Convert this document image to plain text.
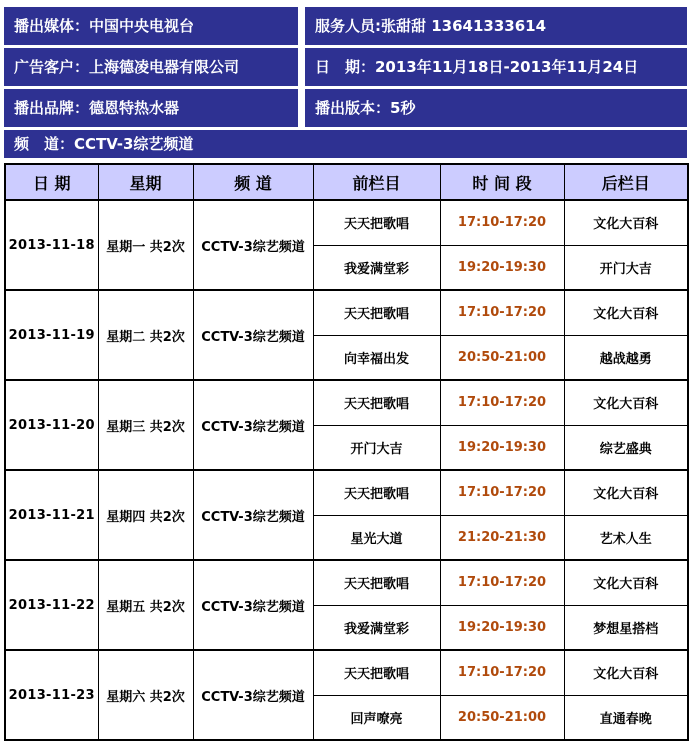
播出媒体：中国中央电视台	服务人员:张甜甜 13641333614
广告客户：上海德凌电器有限公司	日　期：2013年11月18日-2013年11月24日
播出品牌：德恩特热水器	播出版本：5秒
频　道：CCTV-3综艺频道
日 期	星期	频 道	前栏目	时 间 段	后栏目
2013-11-18	星期一 共2次	CCTV-3综艺频道	天天把歌唱	17:10-17:20	文化大百科
			我爱满堂彩	19:20-19:30	开门大吉
2013-11-19	星期二 共2次	CCTV-3综艺频道	天天把歌唱	17:10-17:20	文化大百科
			向幸福出发	20:50-21:00	越战越勇
2013-11-20	星期三 共2次	CCTV-3综艺频道	天天把歌唱	17:10-17:20	文化大百科
			开门大吉	19:20-19:30	综艺盛典
2013-11-21	星期四 共2次	CCTV-3综艺频道	天天把歌唱	17:10-17:20	文化大百科
			星光大道	21:20-21:30	艺术人生
2013-11-22	星期五 共2次	CCTV-3综艺频道	天天把歌唱	17:10-17:20	文化大百科
			我爱满堂彩	19:20-19:30	梦想星搭档
2013-11-23	星期六 共2次	CCTV-3综艺频道	天天把歌唱	17:10-17:20	文化大百科
			回声嘹亮	20:50-21:00	直通春晚
